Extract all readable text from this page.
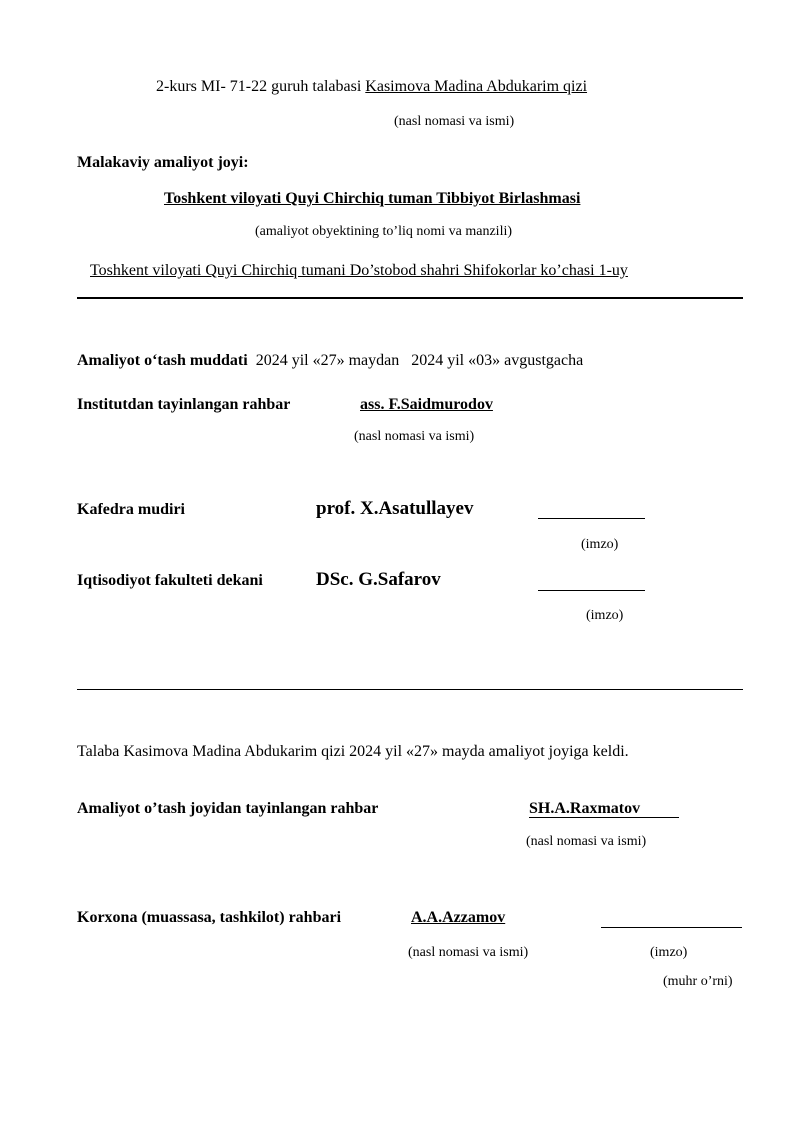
2-kurs MI- 71-22 guruh talabasi Kasimova Madina Abdukarim qizi
(nasl nomasi va ismi)
Malakaviy amaliyot joyi:
Toshkent viloyati Quyi Chirchiq tuman Tibbiyot Birlashmasi
(amaliyot obyektining to’liq nomi va manzili)
Toshkent viloyati Quyi Chirchiq tumani Do’stobod shahri Shifokorlar ko’chasi 1-uy
Amaliyot o‘tash muddati 2024 yil «27» maydan 2024 yil «03» avgustgacha
Institutdan tayinlangan rahbar	ass. F.Saidmurodov
(nasl nomasi va ismi)
Kafedra mudiri	prof. X.Asatullayev
(imzo)
Iqtisodiyot fakulteti dekani	DSc. G.Safarov
(imzo)
Talaba Kasimova Madina Abdukarim qizi 2024 yil «27» mayda amaliyot joyiga keldi.
Amaliyot o’tash joyidan tayinlangan rahbar	SH.A.Raxmatov
(nasl nomasi va ismi)
Korxona (muassasa, tashkilot) rahbari	A.A.Azzamov
(nasl nomasi va ismi)	(imzo)
(muhr o’rni)
